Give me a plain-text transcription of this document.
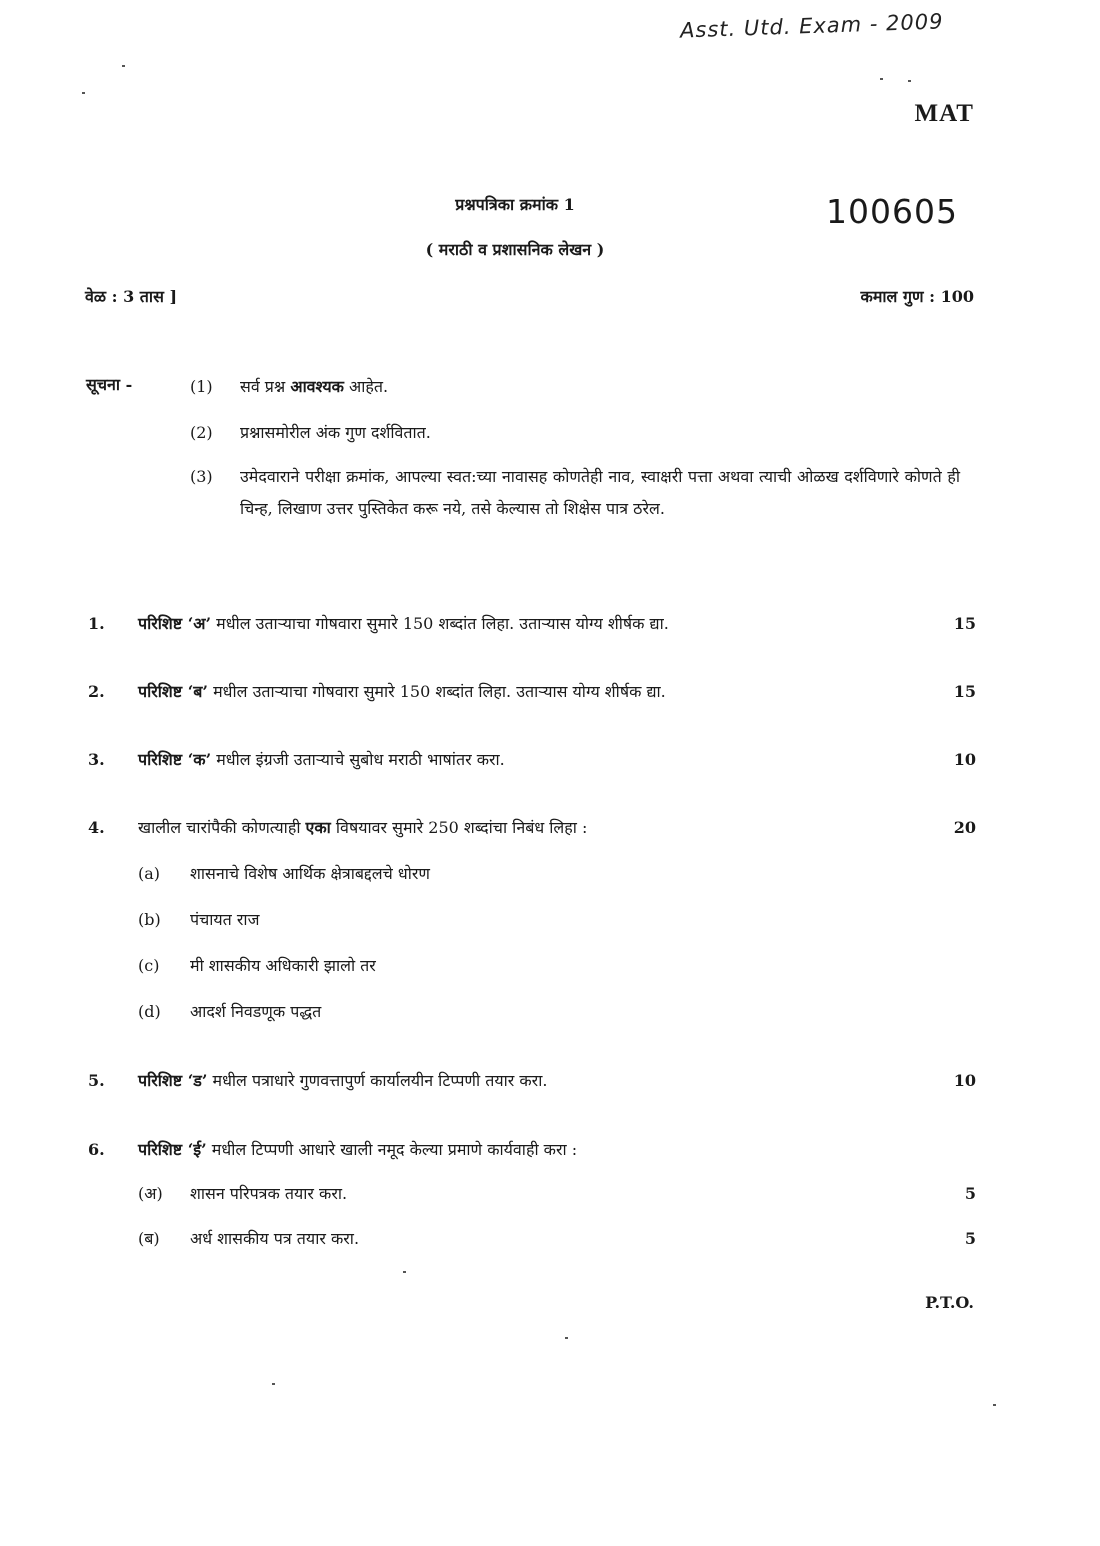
Asst. Utd. Exam - 2009
MAT
प्रश्नपत्रिका क्रमांक 1	100605
( मराठी व प्रशासनिक लेखन )
वेळ : 3 तास ]	कमाल गुण : 100
सूचना -	(1)	सर्व प्रश्न आवश्यक आहेत.
(2)	प्रश्नासमोरील अंक गुण दर्शवितात.
(3)	उमेदवाराने परीक्षा क्रमांक, आपल्या स्वत:च्या नावासह कोणतेही नाव, स्वाक्षरी पत्ता अथवा त्याची ओळख दर्शविणारे कोणते ही चिन्ह, लिखाण उत्तर पुस्तिकेत करू नये, तसे केल्यास तो शिक्षेस पात्र ठरेल.
1.	परिशिष्ट ‘अ’ मधील उताऱ्याचा गोषवारा सुमारे 150 शब्दांत लिहा. उताऱ्यास योग्य शीर्षक द्या.	15
2.	परिशिष्ट ‘ब’ मधील उताऱ्याचा गोषवारा सुमारे 150 शब्दांत लिहा. उताऱ्यास योग्य शीर्षक द्या.	15
3.	परिशिष्ट ‘क’ मधील इंग्रजी उताऱ्याचे सुबोध मराठी भाषांतर करा.	10
4.	खालील चारांपैकी कोणत्याही एका विषयावर सुमारे 250 शब्दांचा निबंध लिहा :	20
(a)	शासनाचे विशेष आर्थिक क्षेत्राबद्दलचे धोरण
(b)	पंचायत राज
(c)	मी शासकीय अधिकारी झालो तर
(d)	आदर्श निवडणूक पद्धत
5.	परिशिष्ट ‘ड’ मधील पत्राधारे गुणवत्तापुर्ण कार्यालयीन टिप्पणी तयार करा.	10
6.	परिशिष्ट ‘ई’ मधील टिप्पणी आधारे खाली नमूद केल्या प्रमाणे कार्यवाही करा :
(अ)	शासन परिपत्रक तयार करा.	5
(ब)	अर्ध शासकीय पत्र तयार करा.	5
P.T.O.
